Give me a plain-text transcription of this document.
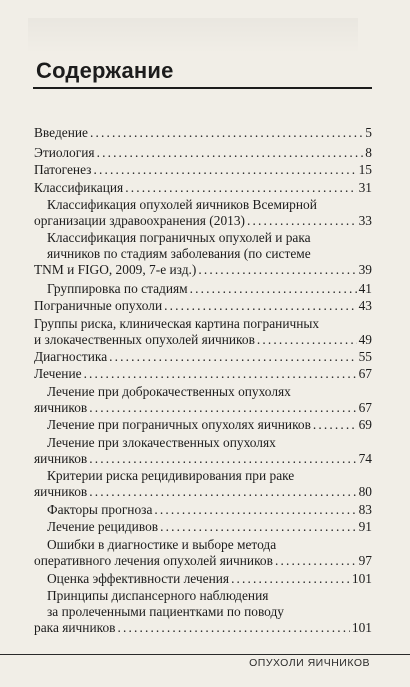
Содержание
Введение . . .	5
Этиология . . .	8
Патогенез . . .	15
Классификация . . .	31
Классификация опухолей яичников Всемирной
организации здравоохранения (2013) . . .	33
Классификация пограничных опухолей и рака
яичников по стадиям заболевания (по системе
TNM и FIGO, 2009, 7-е изд.) . . .	39
Группировка по стадиям . . .	41
Пограничные опухоли . . .	43
Группы риска, клиническая картина пограничных
и злокачественных опухолей яичников . . .	49
Диагностика . . .	55
Лечение . . .	67
Лечение при доброкачественных опухолях
яичников . . .	67
Лечение при пограничных опухолях яичников . . .	69
Лечение при злокачественных опухолях
яичников . . .	74
Критерии риска рецидивирования при раке
яичников . . .	80
Факторы прогноза . . .	83
Лечение рецидивов . . .	91
Ошибки в диагностике и выборе метода
оперативного лечения опухолей яичников . . .	97
Оценка эффективности лечения . . .	101
Принципы диспансерного наблюдения
за пролеченными пациентками по поводу
рака яичников . . .	101
ОПУХОЛИ ЯИЧНИКОВ
